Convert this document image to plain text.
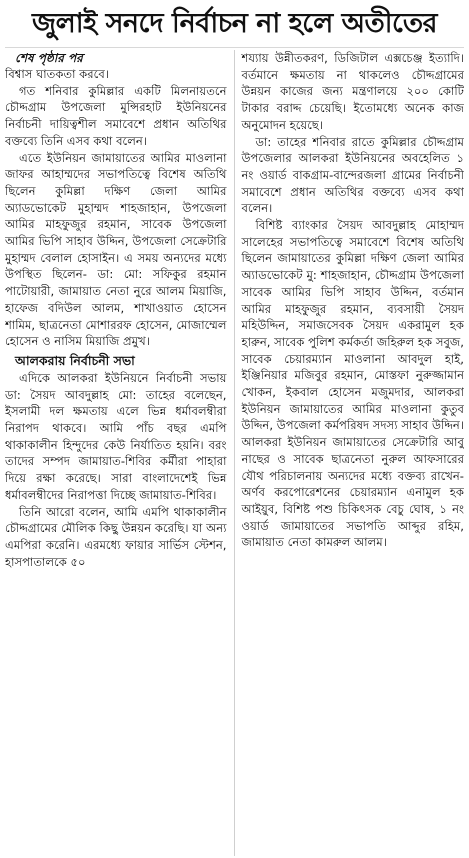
জুলাই সনদে নির্বাচন না হলে অতীতের
শেষ পৃষ্ঠার পর

বিশ্বাস ঘাতকতা করবে।

গত শনিবার কুমিল্লার একটি মিলনায়তনে চৌদ্দগ্রাম উপজেলা মুন্সিরহাট ইউনিয়নের নির্বাচনী দায়িত্বশীল সমাবেশে প্রধান অতিথির বক্তব্যে তিনি এসব কথা বলেন।

এতে ইউনিয়ন জামায়াতের আমির মাওলানা জাফর আহাম্মদের সভাপতিত্বে বিশেষ অতিথি ছিলেন কুমিল্লা দক্ষিণ জেলা আমির অ্যাডভোকেট মুহাম্মদ শাহজাহান, উপজেলা আমির মাহফুজুর রহমান, সাবেক উপজেলা আমির ভিপি সাহাব উদ্দিন, উপজেলা সেক্রেটারি মুহাম্মদ বেলাল হোসাইন। এ সময় অন্যদের মধ্যে উপস্থিত ছিলেন- ডা: মো: সফিকুর রহমান পাটোয়ারী, জামায়াত নেতা নুরে আলম মিয়াজি, হাফেজ বদিউল আলম, শাখাওয়াত হোসেন শামিম, ছাত্রনেতা মোশাররফ হোসেন, মোজাম্মেল হোসেন ও নাসিম মিয়াজি প্রমুখ।

আলকরায় নির্বাচনী সভা

এদিকে আলকরা ইউনিয়নে নির্বাচনী সভায় ডা: সৈয়দ আবদুল্লাহ মো: তাহের বলেছেন, ইসলামী দল ক্ষমতায় এলে ভিন্ন ধর্মাবলম্বীরা নিরাপদ থাকবে। আমি পাঁচ বছর এমপি থাকাকালীন হিন্দুদের কেউ নির্যাতিত হয়নি। বরং তাদের সম্পদ জামায়াত-শিবির কর্মীরা পাহারা দিয়ে রক্ষা করেছে। সারা বাংলাদেশেই ভিন্ন ধর্মাবলম্বীদের নিরাপত্তা দিচ্ছে জামায়াত-শিবির।

তিনি আরো বলেন, আমি এমপি থাকাকালীন চৌদ্দগ্রামের মৌলিক কিছু উন্নয়ন করেছি। যা অন্য এমপিরা করেনি। এরমধ্যে ফায়ার সার্ভিস স্টেশন, হাসপাতালকে ৫০

শয্যায় উন্নীতকরণ, ডিজিটাল এক্সচেঞ্জ ইত্যাদি। বর্তমানে ক্ষমতায় না থাকলেও চৌদ্দগ্রামের উন্নয়ন কাজের জন্য মন্ত্রণালয়ে ২০০ কোটি টাকার বরাদ্দ চেয়েছি। ইতোমধ্যে অনেক কাজ অনুমোদন হয়েছে।

ডা: তাহের শনিবার রাতে কুমিল্লার চৌদ্দগ্রাম উপজেলার আলকরা ইউনিয়নের অবহেলিত ১ নং ওয়ার্ড বাকগ্রাম-বান্দেরজলা গ্রামের নির্বাচনী সমাবেশে প্রধান অতিথির বক্তব্যে এসব কথা বলেন।

বিশিষ্ট ব্যাংকার সৈয়দ আবদুল্লাহ মোহাম্মদ সালেহের সভাপতিত্বে সমাবেশে বিশেষ অতিথি ছিলেন জামায়াতের কুমিল্লা দক্ষিণ জেলা আমির অ্যাডভোকেট মু: শাহজাহান, চৌদ্দগ্রাম উপজেলা সাবেক আমির ভিপি সাহাব উদ্দিন, বর্তমান আমির মাহফুজুর রহমান, ব্যবসায়ী সৈয়দ মহিউদ্দিন, সমাজসেবক সৈয়দ একরামুল হক হারুন, সাবেক পুলিশ কর্মকর্তা জহিরুল হক সবুজ, সাবেক চেয়ারম্যান মাওলানা আবদুল হাই, ইঞ্জিনিয়ার মজিবুর রহমান, মোস্তফা নুরুজ্জামান খোকন, ইকবাল হোসেন মজুমদার, আলকরা ইউনিয়ন জামায়াতের আমির মাওলানা কুতুব উদ্দিন, উপজেলা কর্মপরিষদ সদস্য সাহাব উদ্দিন। আলকরা ইউনিয়ন জামায়াতের সেক্রেটারি আবু নাছের ও সাবেক ছাত্রনেতা নুরুল আফসারের যৌথ পরিচালনায় অন্যদের মধ্যে বক্তব্য রাখেন- অর্ণব করপোরেশনের চেয়ারম্যান এনামুল হক আইয়ুব, বিশিষ্ট পশু চিকিৎসক বেচু ঘোষ, ১ নং ওয়ার্ড জামায়াতের সভাপতি আব্দুর রহিম, জামায়াত নেতা কামরুল আলম।
